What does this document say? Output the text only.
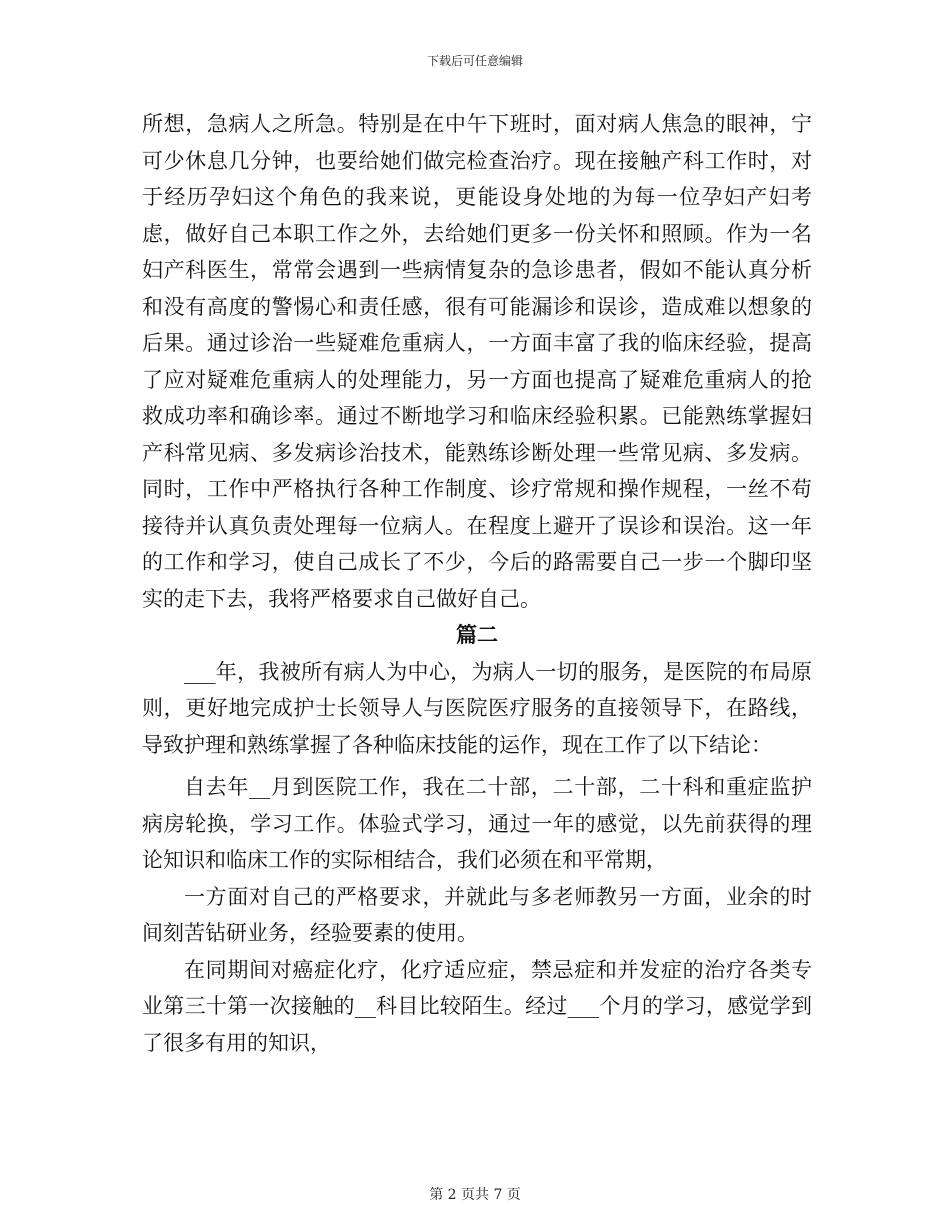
下载后可任意编辑

所想，急病人之所急。特别是在中午下班时，面对病人焦急的眼神，宁可少休息几分钟，也要给她们做完检查治疗。现在接触产科工作时，对于经历孕妇这个角色的我来说，更能设身处地的为每一位孕妇产妇考虑，做好自己本职工作之外，去给她们更多一份关怀和照顾。作为一名妇产科医生，常常会遇到一些病情复杂的急诊患者，假如不能认真分析和没有高度的警惕心和责任感，很有可能漏诊和误诊，造成难以想象的后果。通过诊治一些疑难危重病人，一方面丰富了我的临床经验，提高了应对疑难危重病人的处理能力，另一方面也提高了疑难危重病人的抢救成功率和确诊率。通过不断地学习和临床经验积累。已能熟练掌握妇产科常见病、多发病诊治技术，能熟练诊断处理一些常见病、多发病。同时，工作中严格执行各种工作制度、诊疗常规和操作规程，一丝不苟接待并认真负责处理每一位病人。在程度上避开了误诊和误治。这一年的工作和学习，使自己成长了不少，今后的路需要自己一步一个脚印坚实的走下去，我将严格要求自己做好自己。

篇二

___年，我被所有病人为中心，为病人一切的服务，是医院的布局原则，更好地完成护士长领导人与医院医疗服务的直接领导下，在路线，导致护理和熟练掌握了各种临床技能的运作，现在工作了以下结论：

自去年__月到医院工作，我在二十部，二十部，二十科和重症监护病房轮换，学习工作。体验式学习，通过一年的感觉，以先前获得的理论知识和临床工作的实际相结合，我们必须在和平常期，

一方面对自己的严格要求，并就此与多老师教另一方面，业余的时间刻苦钻研业务，经验要素的使用。

在同期间对癌症化疗，化疗适应症，禁忌症和并发症的治疗各类专业第三十第一次接触的__科目比较陌生。经过___个月的学习，感觉学到了很多有用的知识，

第 2 页共 7 页
